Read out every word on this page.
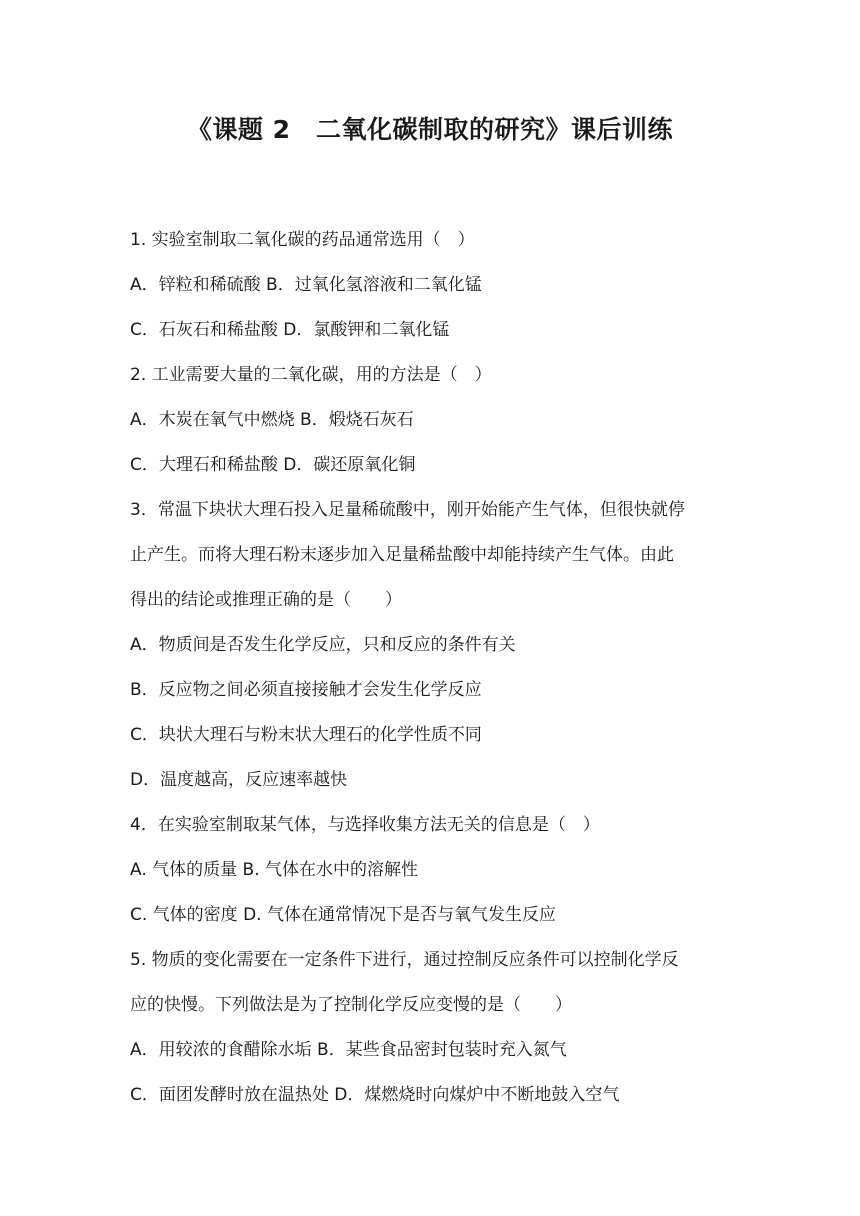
《课题 2　二氧化碳制取的研究》课后训练

1. 实验室制取二氧化碳的药品通常选用（　）

A．锌粒和稀硫酸 B．过氧化氢溶液和二氧化锰

C．石灰石和稀盐酸 D．氯酸钾和二氧化锰

2. 工业需要大量的二氧化碳，用的方法是（　）

A．木炭在氧气中燃烧 B．煅烧石灰石

C．大理石和稀盐酸 D．碳还原氧化铜

3．常温下块状大理石投入足量稀硫酸中，刚开始能产生气体，但很快就停

止产生。而将大理石粉末逐步加入足量稀盐酸中却能持续产生气体。由此

得出的结论或推理正确的是（　　）

A．物质间是否发生化学反应，只和反应的条件有关

B．反应物之间必须直接接触才会发生化学反应

C．块状大理石与粉末状大理石的化学性质不同

D．温度越高，反应速率越快

4．在实验室制取某气体，与选择收集方法无关的信息是（　）

A. 气体的质量 B. 气体在水中的溶解性

C. 气体的密度 D. 气体在通常情况下是否与氧气发生反应

5. 物质的变化需要在一定条件下进行，通过控制反应条件可以控制化学反

应的快慢。下列做法是为了控制化学反应变慢的是（　　）

A．用较浓的食醋除水垢 B．某些食品密封包装时充入氮气

C．面团发酵时放在温热处 D．煤燃烧时向煤炉中不断地鼓入空气
